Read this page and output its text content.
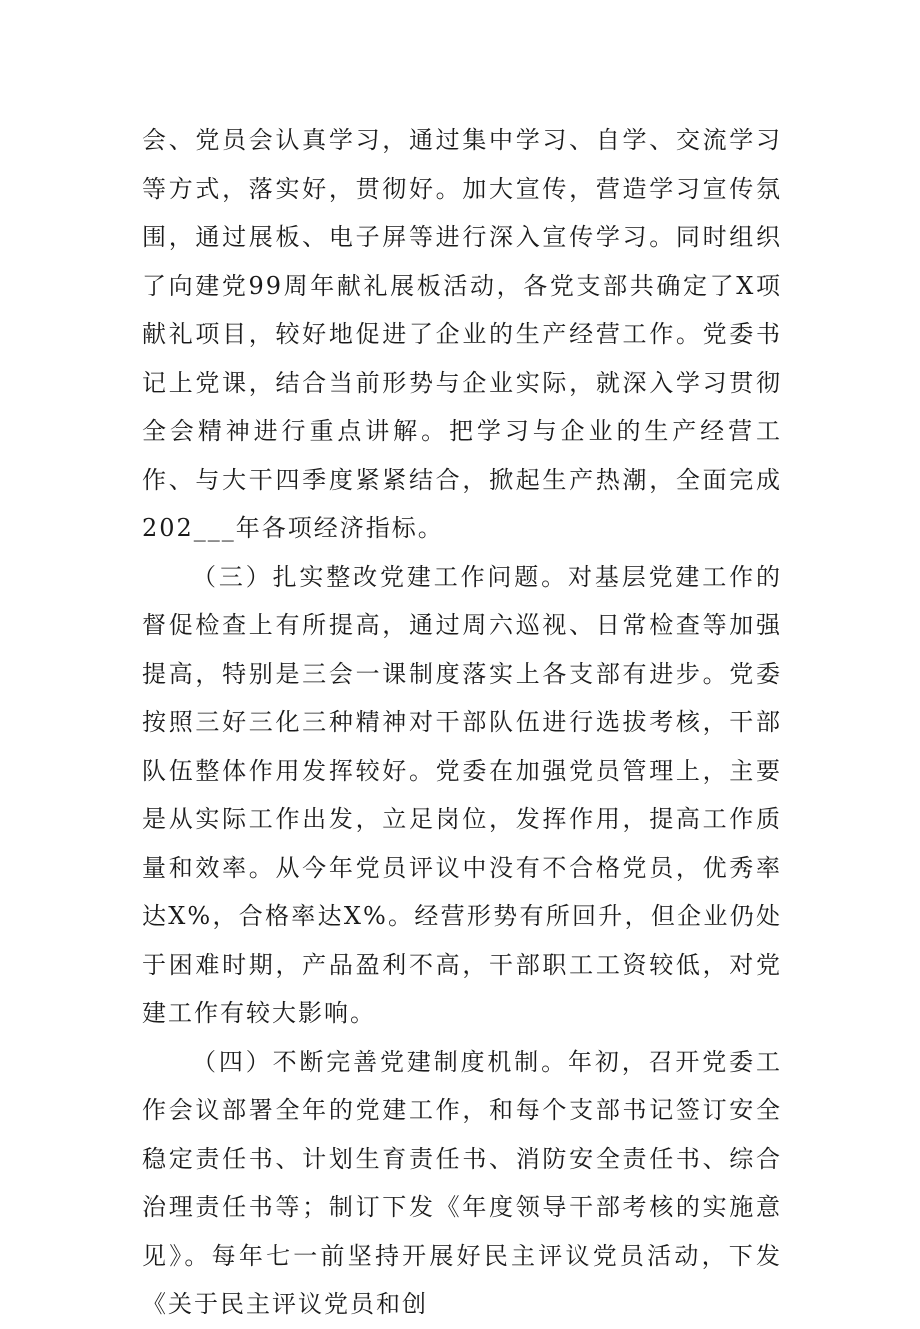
会、党员会认真学习，通过集中学习、自学、交流学习等方式，落实好，贯彻好。加大宣传，营造学习宣传氛围，通过展板、电子屏等进行深入宣传学习。同时组织了向建党99周年献礼展板活动，各党支部共确定了X项献礼项目，较好地促进了企业的生产经营工作。党委书记上党课，结合当前形势与企业实际，就深入学习贯彻全会精神进行重点讲解。把学习与企业的生产经营工作、与大干四季度紧紧结合，掀起生产热潮，全面完成202___年各项经济指标。

（三）扎实整改党建工作问题。对基层党建工作的督促检查上有所提高，通过周六巡视、日常检查等加强提高，特别是三会一课制度落实上各支部有进步。党委按照三好三化三种精神对干部队伍进行选拔考核，干部队伍整体作用发挥较好。党委在加强党员管理上，主要是从实际工作出发，立足岗位，发挥作用，提高工作质量和效率。从今年党员评议中没有不合格党员，优秀率达X%，合格率达X%。经营形势有所回升，但企业仍处于困难时期，产品盈利不高，干部职工工资较低，对党建工作有较大影响。

（四）不断完善党建制度机制。年初，召开党委工作会议部署全年的党建工作，和每个支部书记签订安全稳定责任书、计划生育责任书、消防安全责任书、综合治理责任书等；制订下发《年度领导干部考核的实施意见》。每年七一前坚持开展好民主评议党员活动，下发《关于民主评议党员和创
